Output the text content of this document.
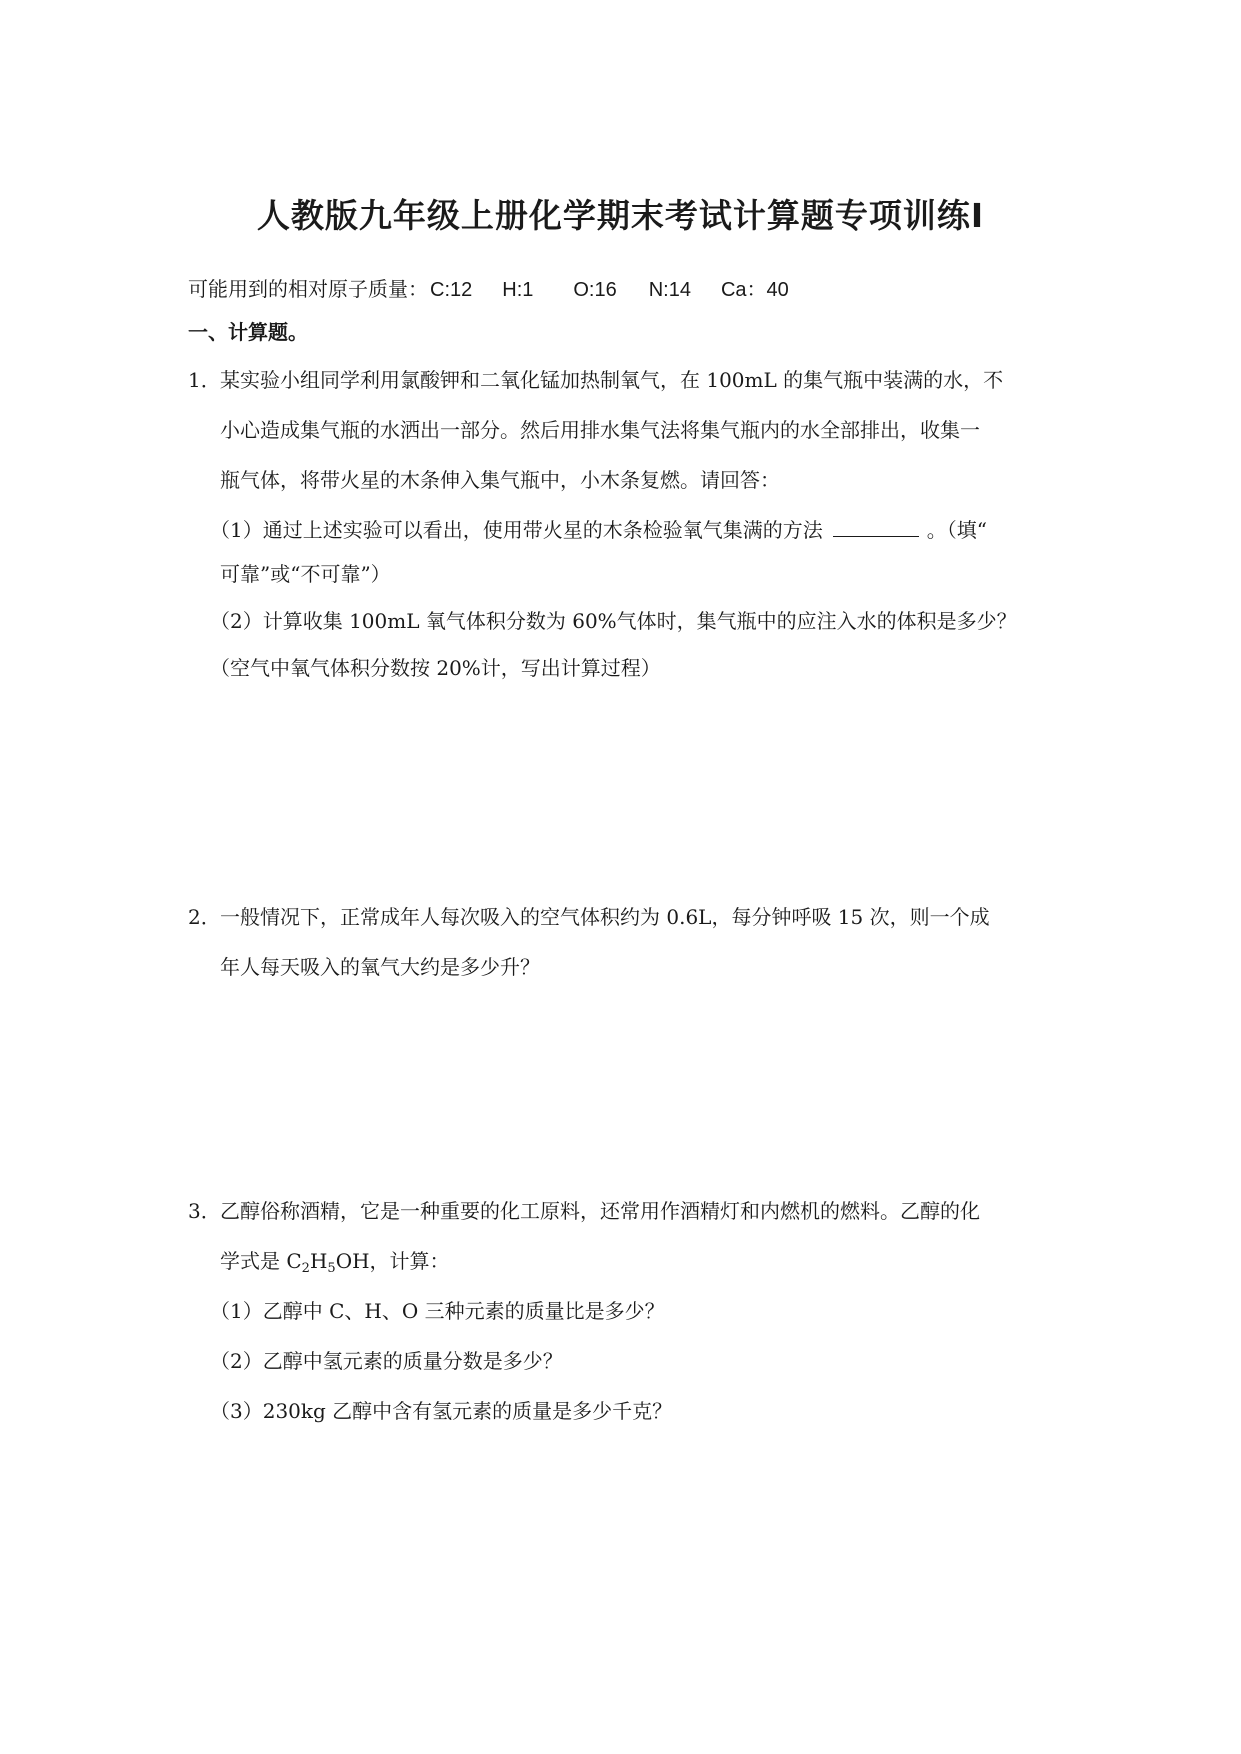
人教版九年级上册化学期末考试计算题专项训练Ⅰ
可能用到的相对原子质量： C:12 H:1 O:16 N:14 Ca：40
一、计算题。
1． 某实验小组同学利用氯酸钾和二氧化锰加热制氧气，在 100mL 的集气瓶中装满的水，不
小心造成集气瓶的水洒出一部分。然后用排水集气法将集气瓶内的水全部排出，收集一
瓶气体，将带火星的木条伸入集气瓶中，小木条复燃。请回答：
（1）通过上述实验可以看出，使用带火星的木条检验氧气集满的方法	。（填“
可靠”或“不可靠”）
（2）计算收集 100mL 氧气体积分数为 60%气体时，集气瓶中的应注入水的体积是多少？
（空气中氧气体积分数按 20%计，写出计算过程）
2． 一般情况下，正常成年人每次吸入的空气体积约为 0.6L，每分钟呼吸 15 次，则一个成
年人每天吸入的氧气大约是多少升？
3． 乙醇俗称酒精，它是一种重要的化工原料，还常用作酒精灯和内燃机的燃料。乙醇的化
学式是 $C_2H_5OH$，计算：
（1）乙醇中 C、H、O 三种元素的质量比是多少？
（2）乙醇中氢元素的质量分数是多少？
（3）230kg 乙醇中含有氢元素的质量是多少千克？
